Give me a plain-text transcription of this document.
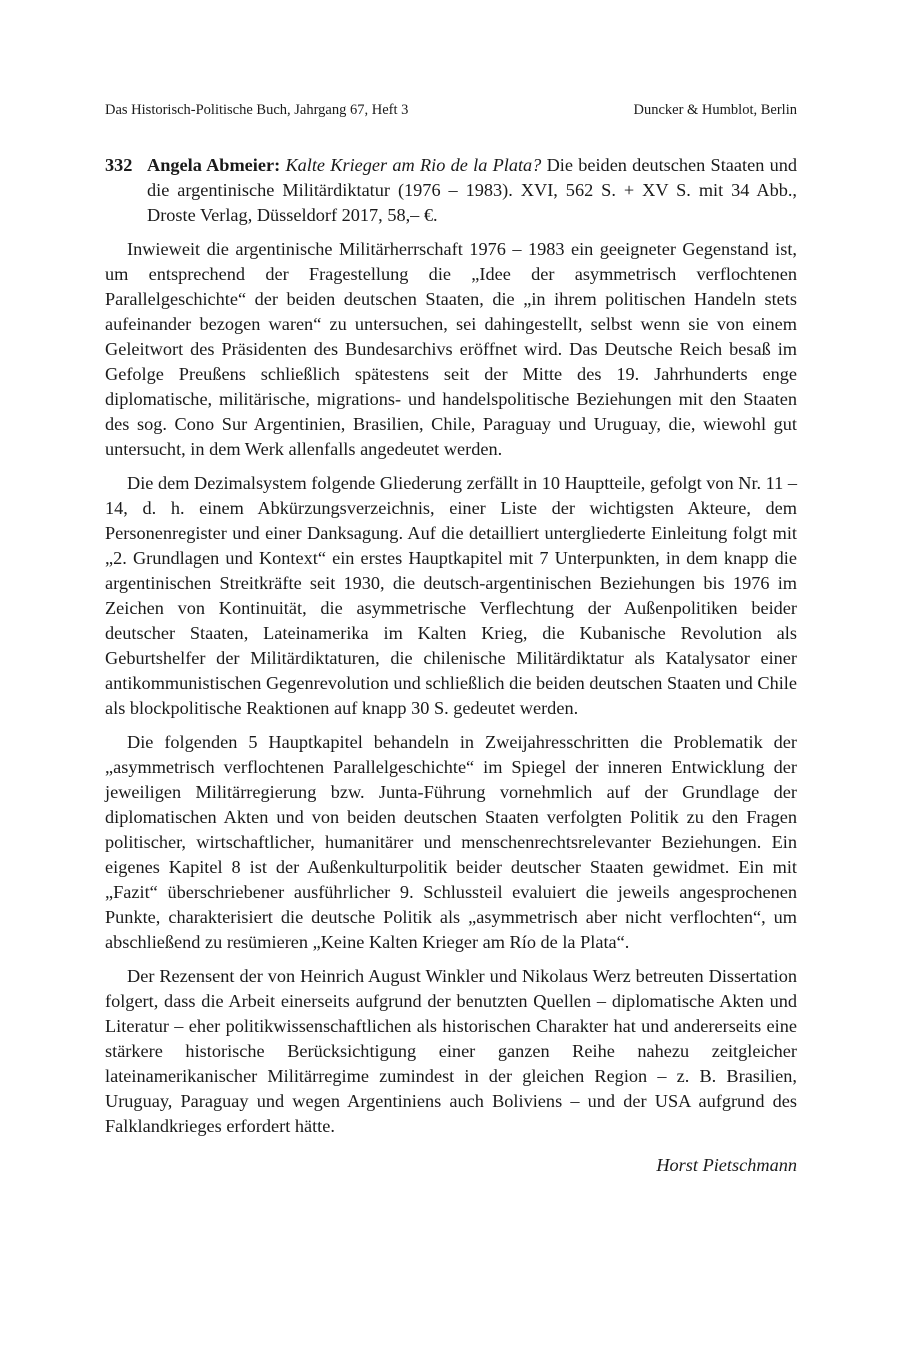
Das Historisch-Politische Buch, Jahrgang 67, Heft 3	Duncker & Humblot, Berlin

332 Angela Abmeier: Kalte Krieger am Rio de la Plata? Die beiden deutschen Staaten und die argentinische Militärdiktatur (1976 – 1983). XVI, 562 S. + XV S. mit 34 Abb., Droste Verlag, Düsseldorf 2017, 58,– €.

Inwieweit die argentinische Militärherrschaft 1976 – 1983 ein geeigneter Gegenstand ist, um entsprechend der Fragestellung die „Idee der asymmetrisch verflochtenen Parallelgeschichte“ der beiden deutschen Staaten, die „in ihrem politischen Handeln stets aufeinander bezogen waren“ zu untersuchen, sei dahingestellt, selbst wenn sie von einem Geleitwort des Präsidenten des Bundesarchivs eröffnet wird. Das Deutsche Reich besaß im Gefolge Preußens schließlich spätestens seit der Mitte des 19. Jahrhunderts enge diplomatische, militärische, migrations- und handelspolitische Beziehungen mit den Staaten des sog. Cono Sur Argentinien, Brasilien, Chile, Paraguay und Uruguay, die, wiewohl gut untersucht, in dem Werk allenfalls angedeutet werden.

Die dem Dezimalsystem folgende Gliederung zerfällt in 10 Hauptteile, gefolgt von Nr. 11 – 14, d. h. einem Abkürzungsverzeichnis, einer Liste der wichtigsten Akteure, dem Personenregister und einer Danksagung. Auf die detailliert untergliederte Einleitung folgt mit „2. Grundlagen und Kontext“ ein erstes Hauptkapitel mit 7 Unterpunkten, in dem knapp die argentinischen Streitkräfte seit 1930, die deutsch-argentinischen Beziehungen bis 1976 im Zeichen von Kontinuität, die asymmetrische Verflechtung der Außenpolitiken beider deutscher Staaten, Lateinamerika im Kalten Krieg, die Kubanische Revolution als Geburtshelfer der Militärdiktaturen, die chilenische Militärdiktatur als Katalysator einer antikommunistischen Gegenrevolution und schließlich die beiden deutschen Staaten und Chile als blockpolitische Reaktionen auf knapp 30 S. gedeutet werden.

Die folgenden 5 Hauptkapitel behandeln in Zweijahresschritten die Problematik der „asymmetrisch verflochtenen Parallelgeschichte“ im Spiegel der inneren Entwicklung der jeweiligen Militärregierung bzw. Junta-Führung vornehmlich auf der Grundlage der diplomatischen Akten und von beiden deutschen Staaten verfolgten Politik zu den Fragen politischer, wirtschaftlicher, humanitärer und menschenrechtsrelevanter Beziehungen. Ein eigenes Kapitel 8 ist der Außenkulturpolitik beider deutscher Staaten gewidmet. Ein mit „Fazit“ überschriebener ausführlicher 9. Schlussteil evaluiert die jeweils angesprochenen Punkte, charakterisiert die deutsche Politik als „asymmetrisch aber nicht verflochten“, um abschließend zu resümieren „Keine Kalten Krieger am Río de la Plata“.

Der Rezensent der von Heinrich August Winkler und Nikolaus Werz betreuten Dissertation folgert, dass die Arbeit einerseits aufgrund der benutzten Quellen – diplomatische Akten und Literatur – eher politikwissenschaftlichen als historischen Charakter hat und andererseits eine stärkere historische Berücksichtigung einer ganzen Reihe nahezu zeitgleicher lateinamerikanischer Militärregime zumindest in der gleichen Region – z. B. Brasilien, Uruguay, Paraguay und wegen Argentiniens auch Boliviens – und der USA aufgrund des Falklandkrieges erfordert hätte.

Horst Pietschmann
